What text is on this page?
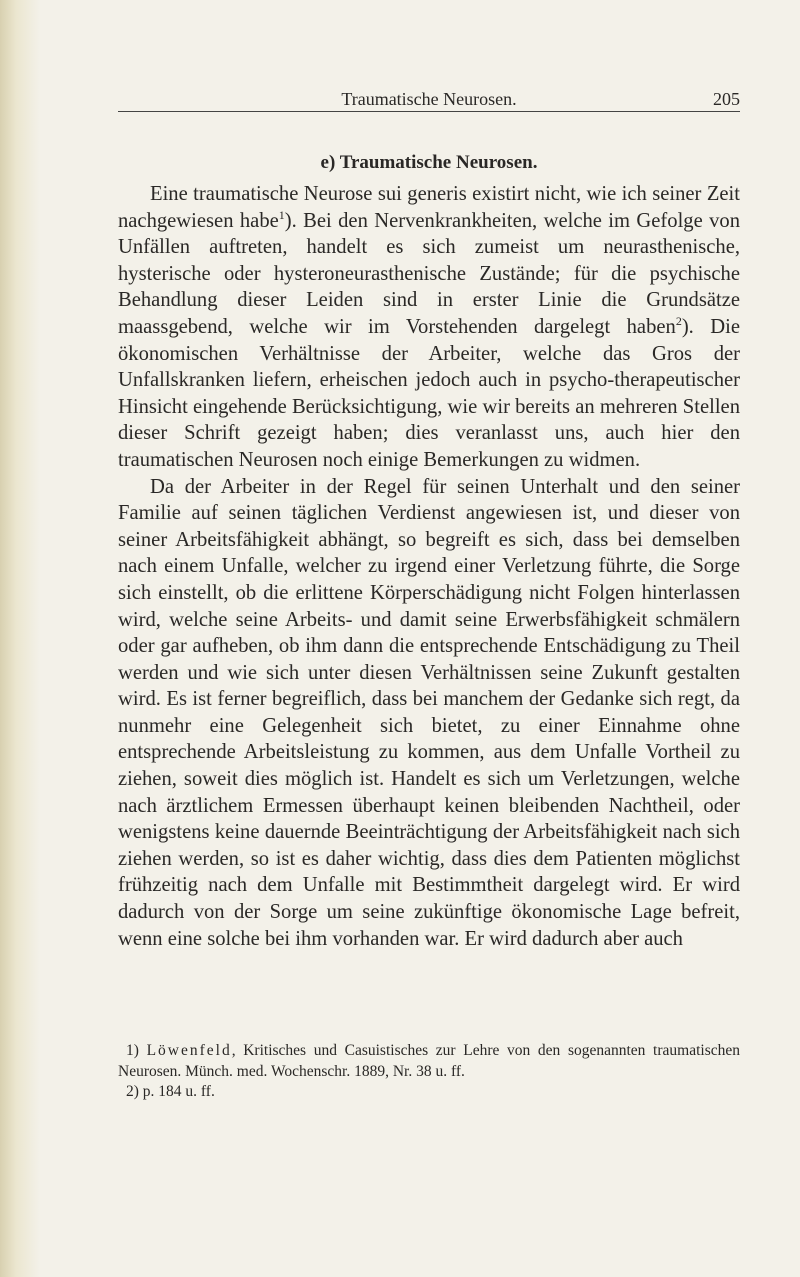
Traumatische Neurosen.	205
e) Traumatische Neurosen.

Eine traumatische Neurose sui generis existirt nicht, wie ich seiner Zeit nachgewiesen habe$^1$). Bei den Nervenkrankheiten, welche im Gefolge von Unfällen auftreten, handelt es sich zumeist um neurasthenische, hysterische oder hysteroneurasthenische Zustände; für die psychische Behandlung dieser Leiden sind in erster Linie die Grundsätze maassgebend, welche wir im Vorstehenden dargelegt haben$^2$). Die ökonomischen Verhältnisse der Arbeiter, welche das Gros der Unfallskranken liefern, erheischen jedoch auch in psycho-therapeutischer Hinsicht eingehende Berücksichtigung, wie wir bereits an mehreren Stellen dieser Schrift gezeigt haben; dies veranlasst uns, auch hier den traumatischen Neurosen noch einige Bemerkungen zu widmen.

Da der Arbeiter in der Regel für seinen Unterhalt und den seiner Familie auf seinen täglichen Verdienst angewiesen ist, und dieser von seiner Arbeitsfähigkeit abhängt, so begreift es sich, dass bei demselben nach einem Unfalle, welcher zu irgend einer Verletzung führte, die Sorge sich einstellt, ob die erlittene Körperschädigung nicht Folgen hinterlassen wird, welche seine Arbeits- und damit seine Erwerbsfähigkeit schmälern oder gar aufheben, ob ihm dann die entsprechende Entschädigung zu Theil werden und wie sich unter diesen Verhältnissen seine Zukunft gestalten wird. Es ist ferner begreiflich, dass bei manchem der Gedanke sich regt, da nunmehr eine Gelegenheit sich bietet, zu einer Einnahme ohne entsprechende Arbeitsleistung zu kommen, aus dem Unfalle Vortheil zu ziehen, soweit dies möglich ist. Handelt es sich um Verletzungen, welche nach ärztlichem Ermessen überhaupt keinen bleibenden Nachtheil, oder wenigstens keine dauernde Beeinträchtigung der Arbeitsfähigkeit nach sich ziehen werden, so ist es daher wichtig, dass dies dem Patienten möglichst frühzeitig nach dem Unfalle mit Bestimmtheit dargelegt wird. Er wird dadurch von der Sorge um seine zukünftige ökonomische Lage befreit, wenn eine solche bei ihm vorhanden war. Er wird dadurch aber auch

1) Löwenfeld, Kritisches und Casuistisches zur Lehre von den sogenannten traumatischen Neurosen. Münch. med. Wochenschr. 1889, Nr. 38 u. ff.

2) p. 184 u. ff.
